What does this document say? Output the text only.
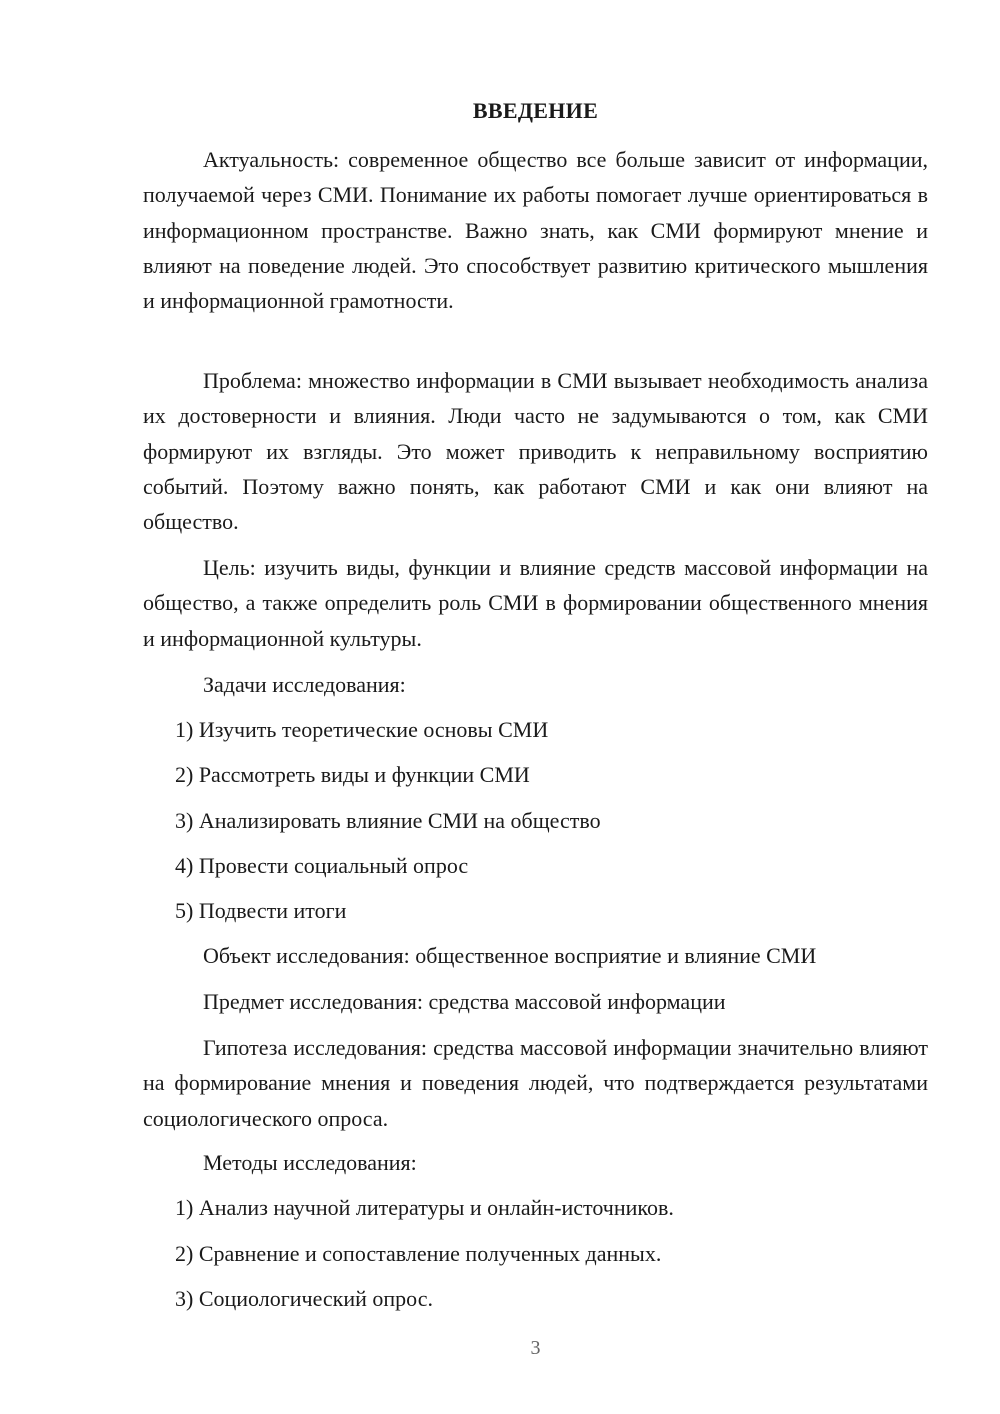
ВВЕДЕНИЕ

Актуальность: современное общество все больше зависит от информации, получаемой через СМИ. Понимание их работы помогает лучше ориентироваться в информационном пространстве. Важно знать, как СМИ формируют мнение и влияют на поведение людей. Это способствует развитию критического мышления и информационной грамотности.

Проблема: множество информации в СМИ вызывает необходимость анализа их достоверности и влияния. Люди часто не задумываются о том, как СМИ формируют их взгляды. Это может приводить к неправильному восприятию событий. Поэтому важно понять, как работают СМИ и как они влияют на общество.

Цель: изучить виды, функции и влияние средств массовой информации на общество, а также определить роль СМИ в формировании общественного мнения и информационной культуры.

Задачи исследования:
1) Изучить теоретические основы СМИ
2) Рассмотреть виды и функции СМИ
3) Анализировать влияние СМИ на общество
4) Провести социальный опрос
5) Подвести итоги
Объект исследования: общественное восприятие и влияние СМИ
Предмет исследования: средства массовой информации

Гипотеза исследования: средства массовой информации значительно влияют на формирование мнения и поведения людей, что подтверждается результатами социологического опроса.

Методы исследования:
1) Анализ научной литературы и онлайн-источников.
2) Сравнение и сопоставление полученных данных.
3) Социологический опрос.
3
